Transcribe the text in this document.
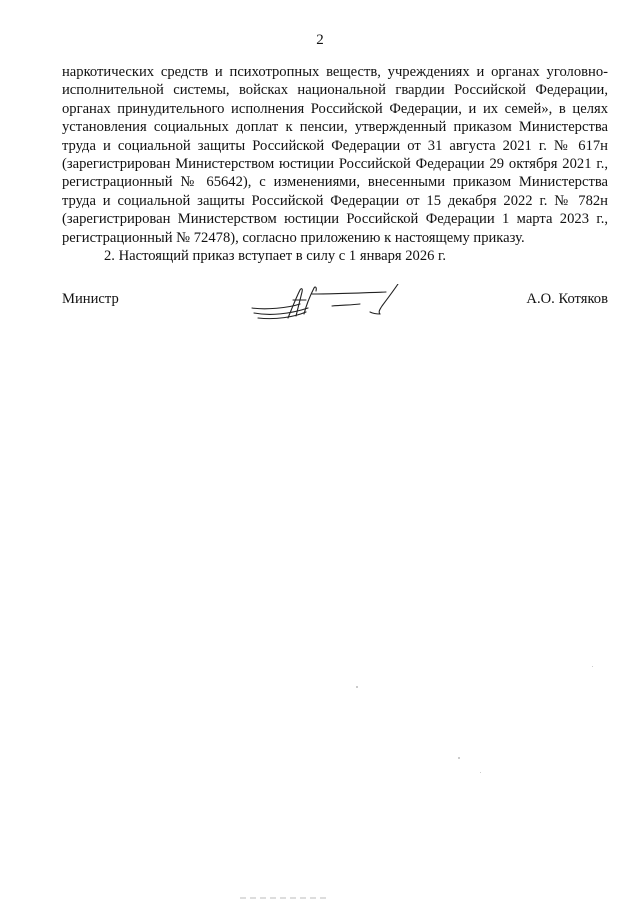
2
наркотических средств и психотропных веществ, учреждениях и органах уголовно-
исполнительной системы, войсках национальной гвардии Российской Федерации,
органах принудительного исполнения Российской Федерации, и их семей», в целях
установления социальных доплат к пенсии, утвержденный приказом Министерства
труда и социальной защиты Российской Федерации от 31 августа 2021 г. № 617н
(зарегистрирован Министерством юстиции Российской Федерации 29 октября 2021 г.,
регистрационный № 65642), с изменениями, внесенными приказом Министерства
труда и социальной защиты Российской Федерации от 15 декабря 2022 г. № 782н
(зарегистрирован Министерством юстиции Российской Федерации 1 марта 2023 г.,
регистрационный № 72478), согласно приложению к настоящему приказу.
2. Настоящий приказ вступает в силу с 1 января 2026 г.
Министр	А.О. Котяков
